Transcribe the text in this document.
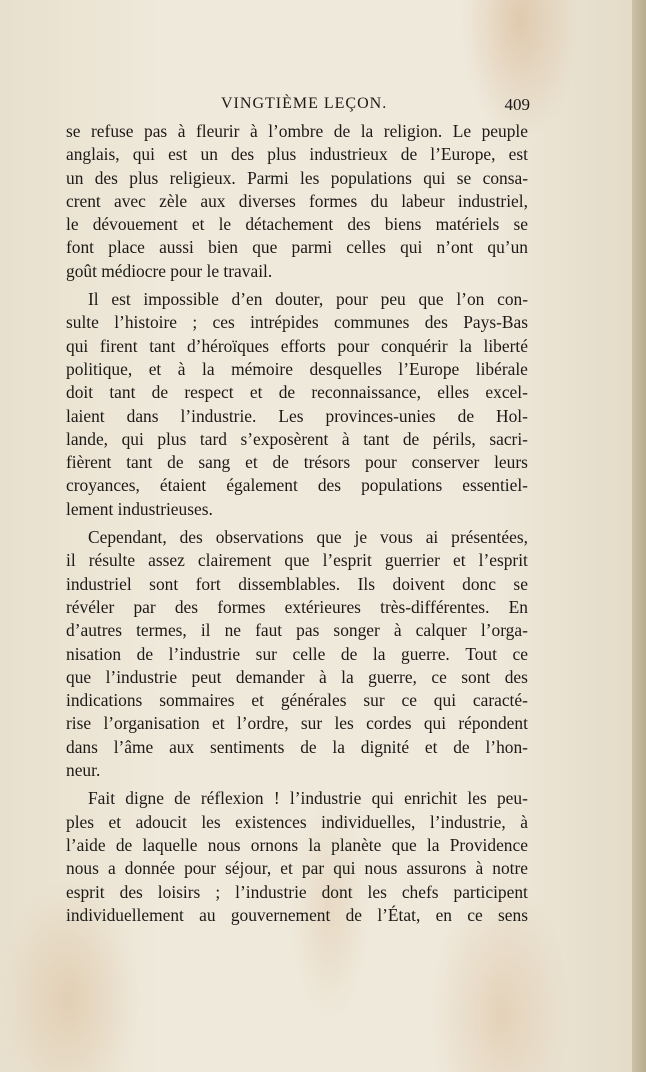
VINGTIÈME LEÇON.	409
se refuse pas à fleurir à l’ombre de la religion. Le peuple
anglais, qui est un des plus industrieux de l’Europe, est
un des plus religieux. Parmi les populations qui se consa-
crent avec zèle aux diverses formes du labeur industriel,
le dévouement et le détachement des biens matériels se
font place aussi bien que parmi celles qui n’ont qu’un
goût médiocre pour le travail.
Il est impossible d’en douter, pour peu que l’on con-
sulte l’histoire ; ces intrépides communes des Pays-Bas
qui firent tant d’héroïques efforts pour conquérir la liberté
politique, et à la mémoire desquelles l’Europe libérale
doit tant de respect et de reconnaissance, elles excel-
laient dans l’industrie. Les provinces-unies de Hol-
lande, qui plus tard s’exposèrent à tant de périls, sacri-
fièrent tant de sang et de trésors pour conserver leurs
croyances, étaient également des populations essentiel-
lement industrieuses.
Cependant, des observations que je vous ai présentées,
il résulte assez clairement que l’esprit guerrier et l’esprit
industriel sont fort dissemblables. Ils doivent donc se
révéler par des formes extérieures très-différentes. En
d’autres termes, il ne faut pas songer à calquer l’orga-
nisation de l’industrie sur celle de la guerre. Tout ce
que l’industrie peut demander à la guerre, ce sont des
indications sommaires et générales sur ce qui caracté-
rise l’organisation et l’ordre, sur les cordes qui répondent
dans l’âme aux sentiments de la dignité et de l’hon-
neur.
Fait digne de réflexion ! l’industrie qui enrichit les peu-
ples et adoucit les existences individuelles, l’industrie, à
l’aide de laquelle nous ornons la planète que la Providence
nous a donnée pour séjour, et par qui nous assurons à notre
esprit des loisirs ; l’industrie dont les chefs participent
individuellement au gouvernement de l’État, en ce sens
